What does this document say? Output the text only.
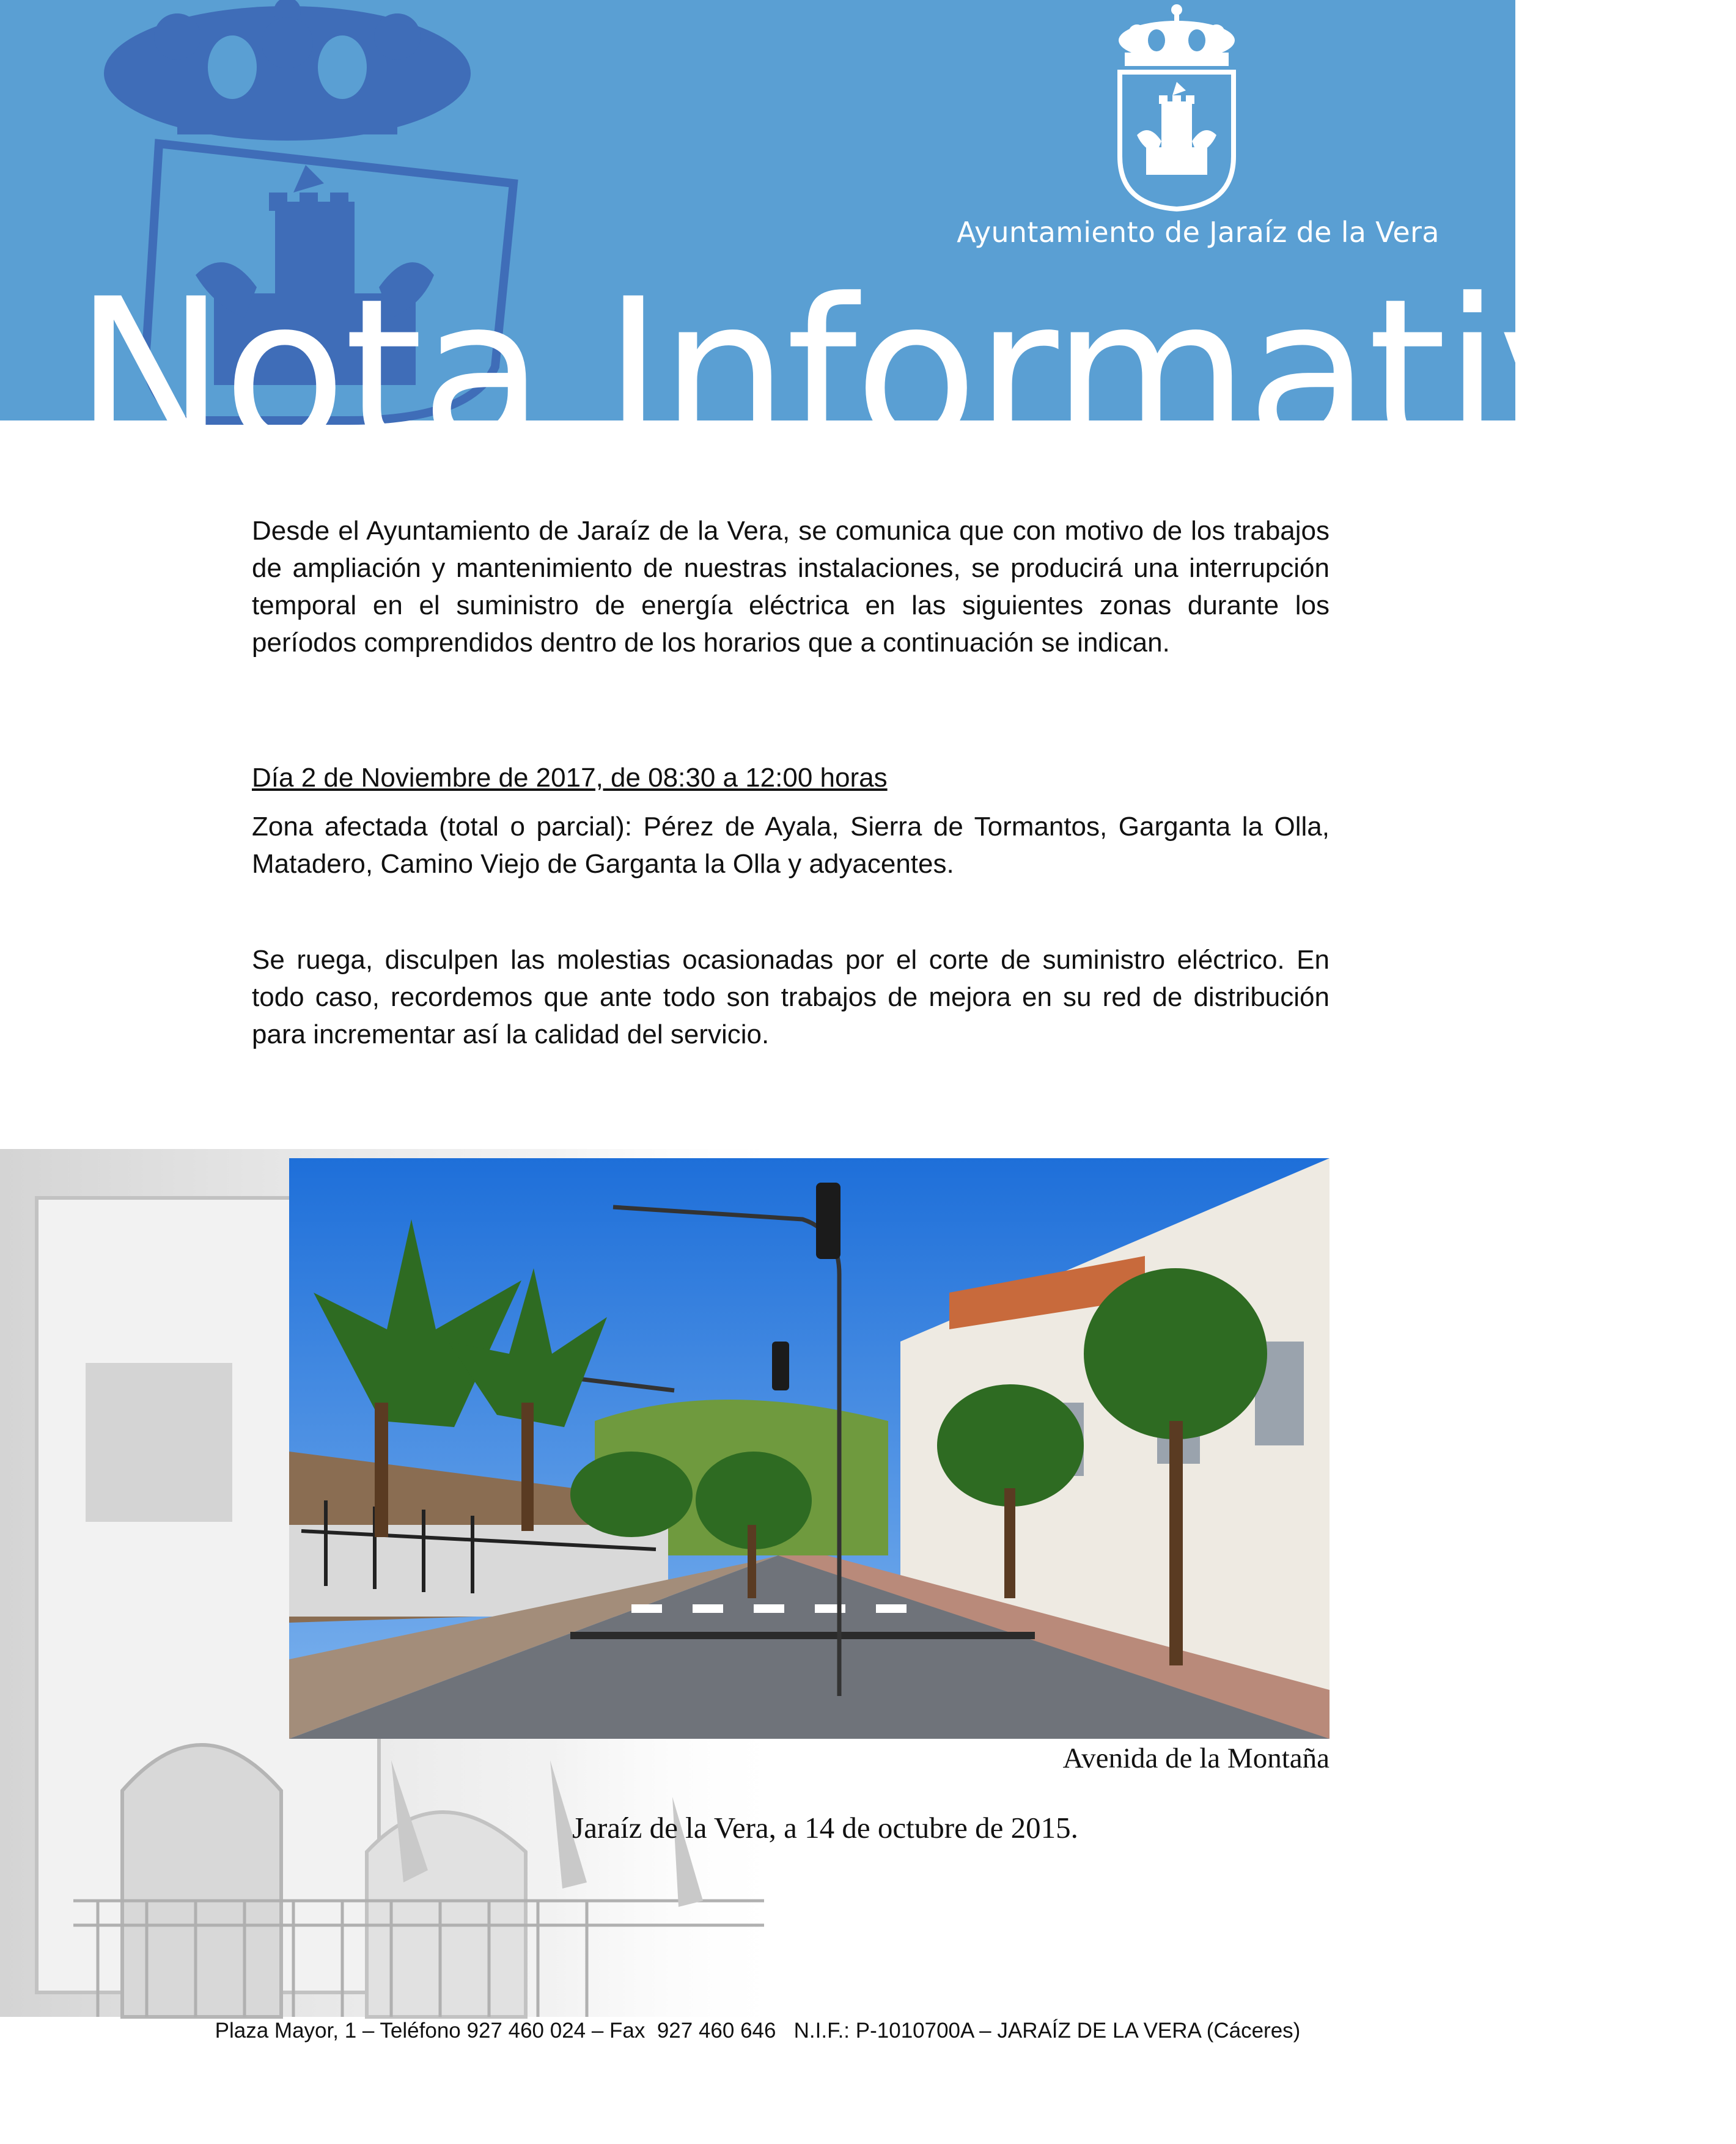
Ayuntamiento de Jaraíz de la Vera
Nota Informativa

Desde el Ayuntamiento de Jaraíz de la Vera, se comunica que con motivo de los trabajos de ampliación y mantenimiento de nuestras instalaciones, se producirá una interrupción temporal en el suministro de energía eléctrica en las siguientes zonas durante los períodos comprendidos dentro de los horarios que a continuación se indican.

Día 2 de Noviembre de 2017, de 08:30 a 12:00 horas

Zona afectada (total o parcial): Pérez de Ayala, Sierra de Tormantos, Garganta la Olla, Matadero, Camino Viejo de Garganta la Olla y adyacentes.

Se ruega, disculpen las molestias ocasionadas por el corte de suministro eléctrico. En todo caso, recordemos que ante todo son trabajos de mejora en su red de distribución para incrementar así la calidad del servicio.

Avenida de la Montaña
Jaraíz de la Vera, a 14 de octubre de 2015.
Plaza Mayor, 1 – Teléfono 927 460 024 – Fax  927 460 646   N.I.F.: P-1010700A – JARAÍZ DE LA VERA (Cáceres)
